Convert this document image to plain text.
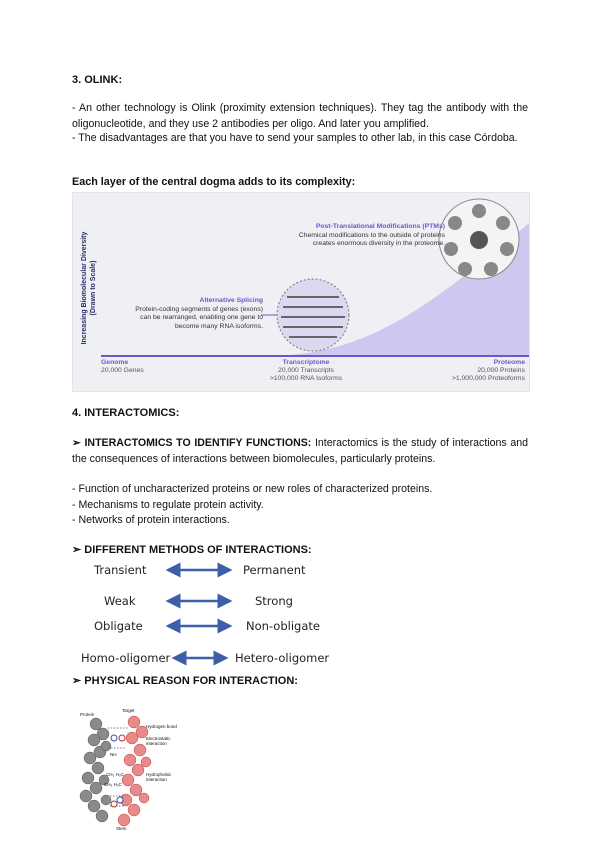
3. OLINK:
- An other technology is Olink (proximity extension techniques). They tag the antibody with the oligonucleotide, and they use 2 antibodies per oligo. And later you amplified.
- The disadvantages are that you have to send your samples to other lab, in this case Córdoba.
Each layer of the central dogma adds to its complexity:
Increasing Biomolecular Diversity (Drawn to Scale)
Post-Translational Modifications (PTMs)
Chemical modifications to the outside of proteins
creates enormous diversity in the proteome.
Alternative Splicing
Protein-coding segments of genes (exons)
can be rearranged, enabling one gene to
become many RNA isoforms.
Genome
20,000 Genes
Transcriptome
20,000 Transcripts
>100,000 RNA Isoforms
Proteome
20,000 Proteins
>1,000,000 Proteoforms
4. INTERACTOMICS:
➢ INTERACTOMICS TO IDENTIFY FUNCTIONS: Interactomics is the study of interactions and the consequences of interactions between biomolecules, particularly proteins.
- Function of uncharacterized proteins or new roles of characterized proteins.
- Mechanisms to regulate protein activity.
- Networks of protein interactions.
➢ DIFFERENT METHODS OF INTERACTIONS:
Transient	Permanent
Weak	Strong
Obligate	Non-obligate
Homo-oligomer	Hetero-oligomer
➢ PHYSICAL REASON FOR INTERACTION:
Protein
Target
Hydrogen bond
Electrostatic
interaction
Hydrophobic
interaction
NH
CH₃ H₃C
CH₃ H₃C
Stem
